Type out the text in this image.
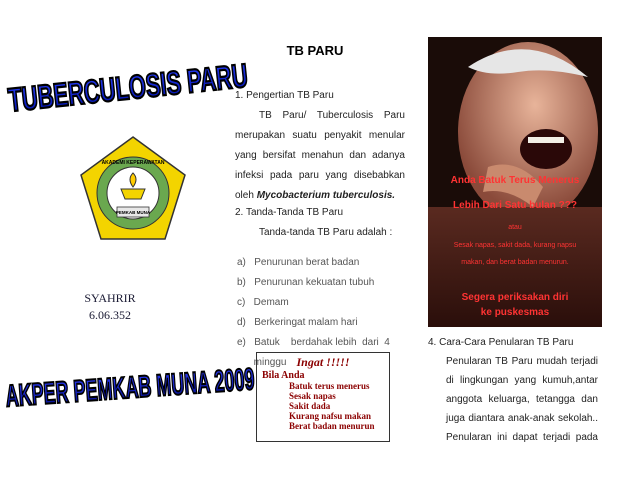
TUBERCULOSIS PARU
PEMKAB MUNA
AKADEMI KEPERAWATAN
SYAHRIR
6.06.352
AKPER PEMKAB MUNA 2009
TB PARU

1. Pengertian TB Paru

TB Paru/ Tuberculosis Paru

merupakan suatu penyakit menular

yang bersifat menahun dan adanya

infeksi pada paru yang disebabkan

oleh Mycobacterium tuberculosis.

2. Tanda-Tanda TB Paru

Tanda-tanda TB Paru adalah :

a)   Penurunan berat badan
b)   Penurunan kekuatan tubuh
c)   Demam
d)   Berkeringat malam hari
e)   Batuk    berdahak lebih  dari  4
minggu Ingat !!!!!
Bila Anda
Batuk terus menerus
Sesak napas
Sakit dada
Kurang nafsu makan
Berat badan menurun
Anda Batuk Terus Menerus
Lebih Dari Satu bulan ???
atau
Sesak napas, sakit dada, kurang napsu
makan, dan berat badan menurun.
Segera periksakan diri
ke puskesmas
4. Cara-Cara Penularan TB Paru
Penularan TB Paru mudah terjadi
di lingkungan yang kumuh,antar
anggota keluarga, tetangga dan
juga diantara anak-anak sekolah..
Penularan ini dapat terjadi pada
